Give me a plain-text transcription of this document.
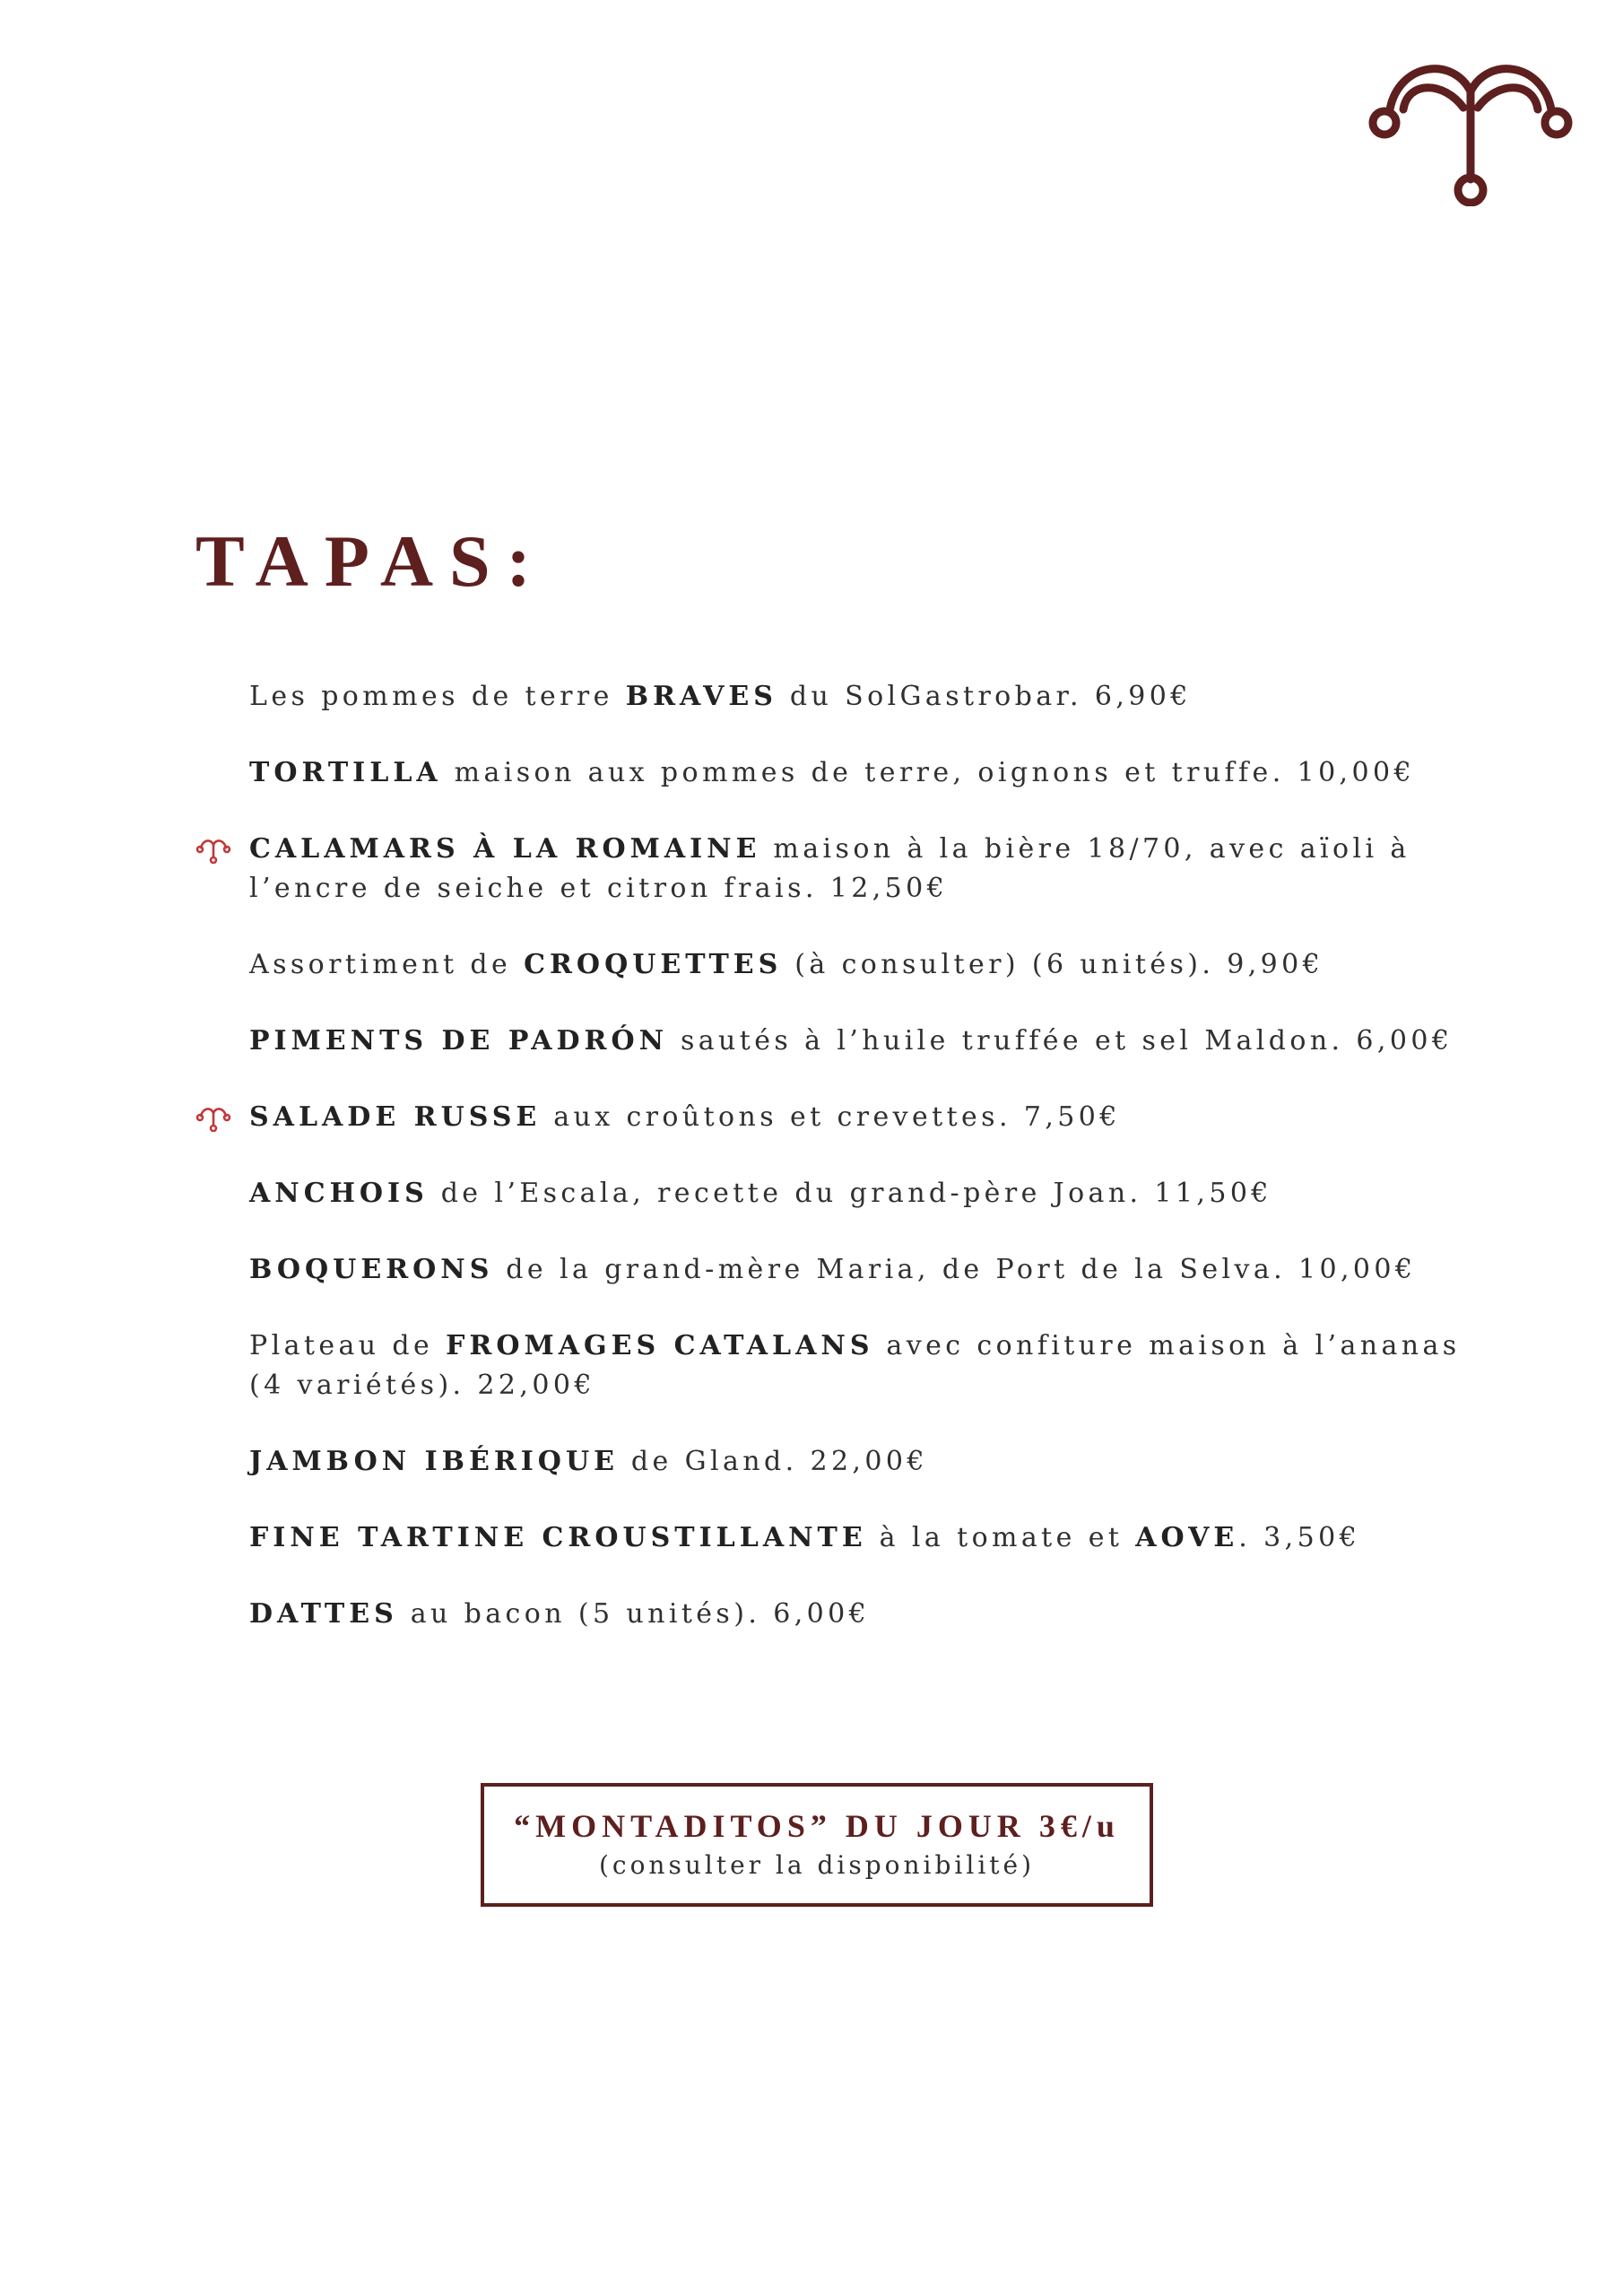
TAPAS:
Les pommes de terre BRAVES du SolGastrobar. 6,90€
TORTILLA maison aux pommes de terre, oignons et truffe. 10,00€
CALAMARS À LA ROMAINE maison à la bière 18/70, avec aïoli à l’encre de seiche et citron frais. 12,50€
Assortiment de CROQUETTES (à consulter) (6 unités). 9,90€
PIMENTS DE PADRÓN sautés à l’huile truffée et sel Maldon. 6,00€
SALADE RUSSE aux croûtons et crevettes. 7,50€
ANCHOIS de l’Escala, recette du grand-père Joan. 11,50€
BOQUERONS de la grand-mère Maria, de Port de la Selva. 10,00€
Plateau de FROMAGES CATALANS avec confiture maison à l’ananas (4 variétés). 22,00€
JAMBON IBÉRIQUE de Gland. 22,00€
FINE TARTINE CROUSTILLANTE à la tomate et AOVE. 3,50€
DATTES au bacon (5 unités). 6,00€
“MONTADITOS” DU JOUR 3€/u
(consulter la disponibilité)
